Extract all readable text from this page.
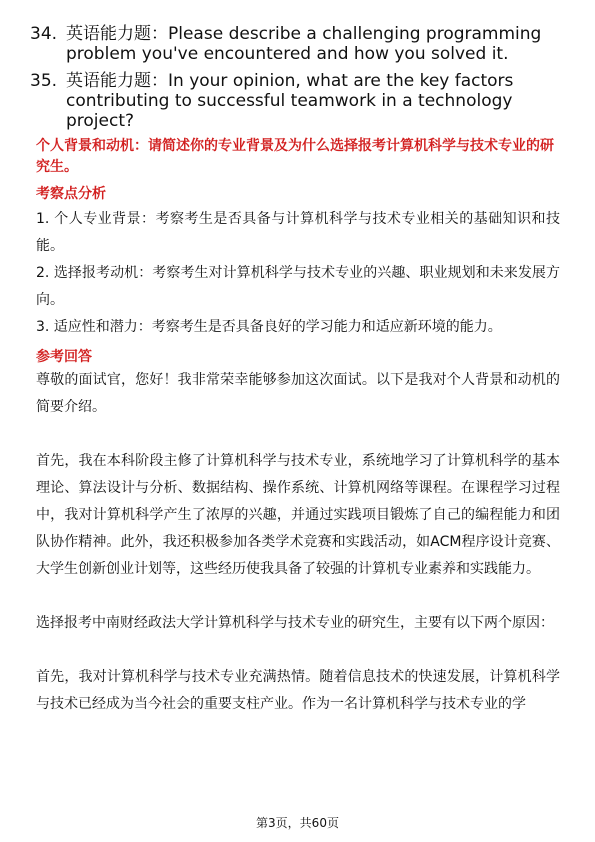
34. 英语能力题：Please describe a challenging programming problem you've encountered and how you solved it.
35. 英语能力题：In your opinion, what are the key factors contributing to successful teamwork in a technology project?
个人背景和动机：请简述你的专业背景及为什么选择报考计算机科学与技术专业的研究生。
考察点分析
1. 个人专业背景：考察考生是否具备与计算机科学与技术专业相关的基础知识和技能。
2. 选择报考动机：考察考生对计算机科学与技术专业的兴趣、职业规划和未来发展方向。
3. 适应性和潜力：考察考生是否具备良好的学习能力和适应新环境的能力。
参考回答
尊敬的面试官，您好！我非常荣幸能够参加这次面试。以下是我对个人背景和动机的简要介绍。
首先，我在本科阶段主修了计算机科学与技术专业，系统地学习了计算机科学的基本理论、算法设计与分析、数据结构、操作系统、计算机网络等课程。在课程学习过程中，我对计算机科学产生了浓厚的兴趣，并通过实践项目锻炼了自己的编程能力和团队协作精神。此外，我还积极参加各类学术竞赛和实践活动，如ACM程序设计竞赛、大学生创新创业计划等，这些经历使我具备了较强的计算机专业素养和实践能力。
选择报考中南财经政法大学计算机科学与技术专业的研究生，主要有以下两个原因：
首先，我对计算机科学与技术专业充满热情。随着信息技术的快速发展，计算机科学与技术已经成为当今社会的重要支柱产业。作为一名计算机科学与技术专业的学
第3页，共60页
